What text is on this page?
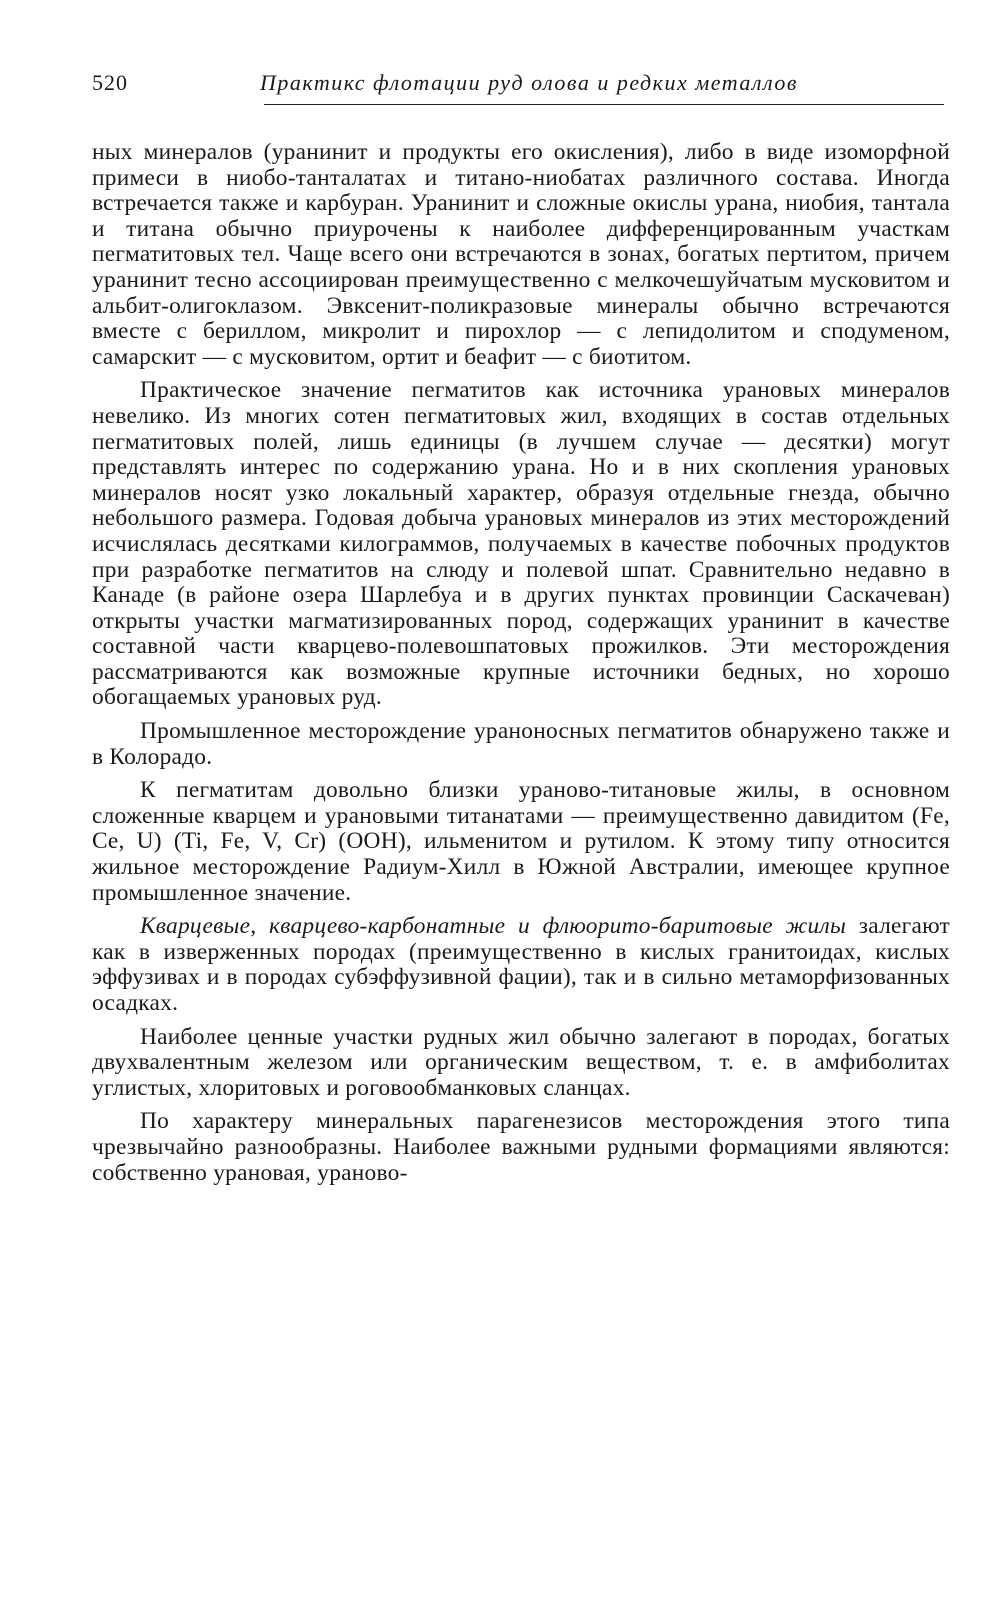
520	Практикс флотации руд олова и редких металлов

ных минералов (уранинит и продукты его окисления), либо в виде изоморфной примеси в ниобо-танталатах и титано-ниобатах различного состава. Иногда встречается также и карбуран. Уранинит и сложные окислы урана, ниобия, тантала и титана обычно приурочены к наиболее дифференцированным участкам пегматитовых тел. Чаще всего они встречаются в зонах, богатых пертитом, причем уранинит тесно ассоциирован преимущественно с мелкочешуйчатым мусковитом и альбит-олигоклазом. Эвксенит-поликразовые минералы обычно встречаются вместе с бериллом, микролит и пирохлор — с лепидолитом и сподуменом, самарскит — с мусковитом, ортит и беафит — с биотитом.

Практическое значение пегматитов как источника урановых минералов невелико. Из многих сотен пегматитовых жил, входящих в состав отдельных пегматитовых полей, лишь единицы (в лучшем случае — десятки) могут представлять интерес по содержанию урана. Но и в них скопления урановых минералов носят узко локальный характер, образуя отдельные гнезда, обычно небольшого размера. Годовая добыча урановых минералов из этих месторождений исчислялась десятками килограммов, получаемых в качестве побочных продуктов при разработке пегматитов на слюду и полевой шпат. Сравнительно недавно в Канаде (в районе озера Шарлебуа и в других пунктах провинции Саскачеван) открыты участки магматизированных пород, содержащих уранинит в качестве составной части кварцево-полевошпатовых прожилков. Эти месторождения рассматриваются как возможные крупные источники бедных, но хорошо обогащаемых урановых руд.

Промышленное месторождение ураноносных пегматитов обнаружено также и в Колорадо.

К пегматитам довольно близки ураново-титановые жилы, в основном сложенные кварцем и урановыми титанатами — преимущественно давидитом (Fe, Ce, U) (Ti, Fe, V, Cr) (OOH), ильменитом и рутилом. К этому типу относится жильное месторождение Радиум-Хилл в Южной Австралии, имеющее крупное промышленное значение.

Кварцевые, кварцево-карбонатные и флюорито-баритовые жилы залегают как в изверженных породах (преимущественно в кислых гранитоидах, кислых эффузивах и в породах субэффузивной фации), так и в сильно метаморфизованных осадках.

Наиболее ценные участки рудных жил обычно залегают в породах, богатых двухвалентным железом или органическим веществом, т. е. в амфиболитах углистых, хлоритовых и роговообманковых сланцах.

По характеру минеральных парагенезисов месторождения этого типа чрезвычайно разнообразны. Наиболее важными рудными формациями являются: собственно урановая, ураново-
